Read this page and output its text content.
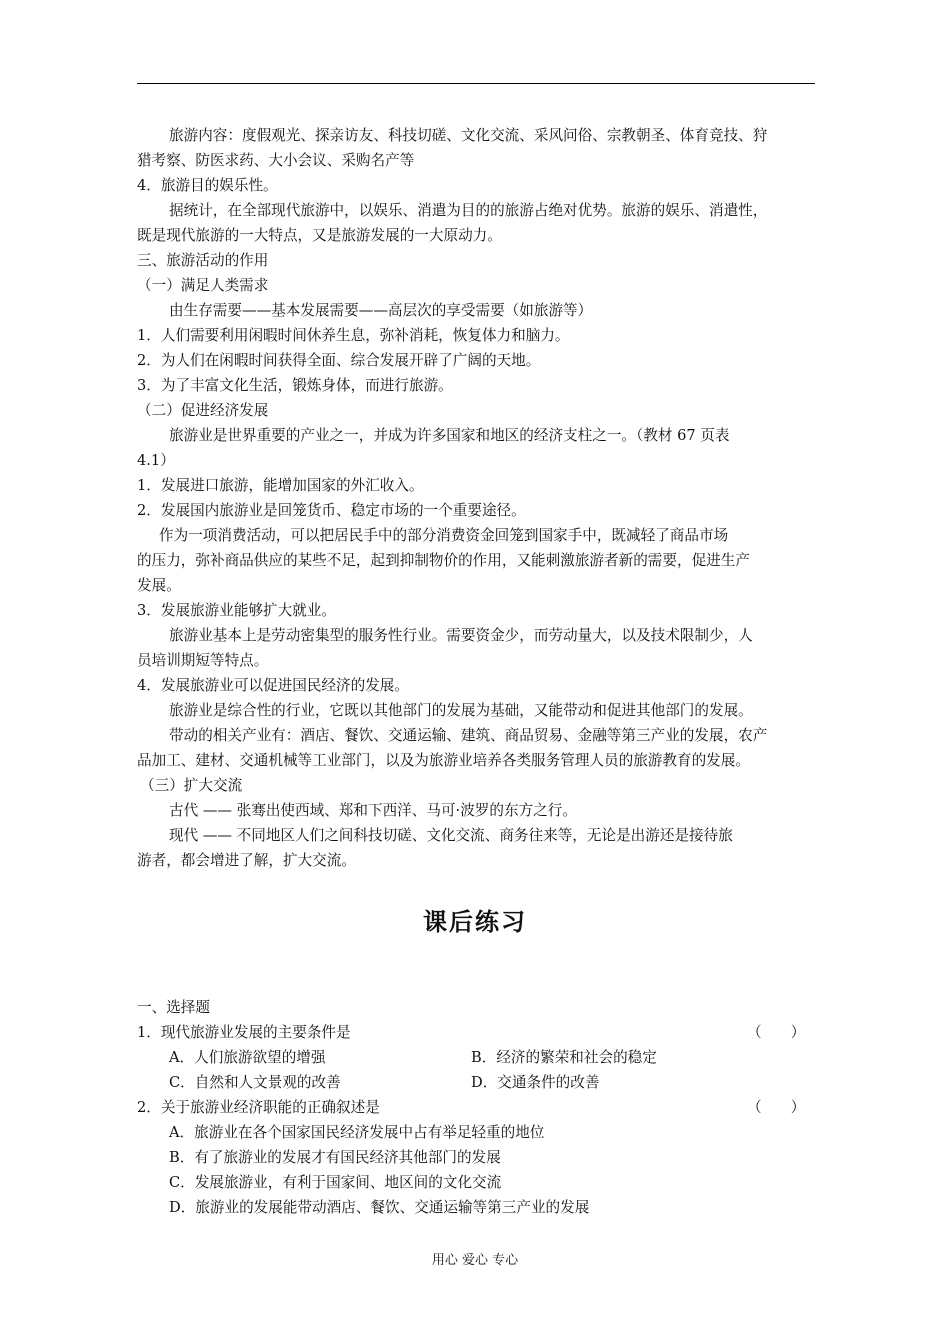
旅游内容：度假观光、探亲访友、科技切磋、文化交流、采风问俗、宗教朝圣、体育竞技、狩

猎考察、防医求药、大小会议、采购名产等

4．旅游目的娱乐性。

据统计，在全部现代旅游中，以娱乐、消遣为目的的旅游占绝对优势。旅游的娱乐、消遣性，

既是现代旅游的一大特点，又是旅游发展的一大原动力。

三、旅游活动的作用

（一）满足人类需求

由生存需要——基本发展需要——高层次的享受需要（如旅游等）

1．人们需要利用闲暇时间休养生息，弥补消耗，恢复体力和脑力。

2．为人们在闲暇时间获得全面、综合发展开辟了广阔的天地。

3．为了丰富文化生活，锻炼身体，而进行旅游。

（二）促进经济发展

旅游业是世界重要的产业之一，并成为许多国家和地区的经济支柱之一。（教材 67 页表

4.1）

1．发展进口旅游，能增加国家的外汇收入。

2．发展国内旅游业是回笼货币、稳定市场的一个重要途径。

作为一项消费活动，可以把居民手中的部分消费资金回笼到国家手中，既减轻了商品市场

的压力，弥补商品供应的某些不足，起到抑制物价的作用，又能刺激旅游者新的需要，促进生产

发展。

3．发展旅游业能够扩大就业。

旅游业基本上是劳动密集型的服务性行业。需要资金少，而劳动量大，以及技术限制少，人

员培训期短等特点。

4．发展旅游业可以促进国民经济的发展。

旅游业是综合性的行业，它既以其他部门的发展为基础，又能带动和促进其他部门的发展。

带动的相关产业有：酒店、餐饮、交通运输、建筑、商品贸易、金融等第三产业的发展，农产

品加工、建材、交通机械等工业部门，以及为旅游业培养各类服务管理人员的旅游教育的发展。

（三）扩大交流

古代 —— 张骞出使西域、郑和下西洋、马可·波罗的东方之行。

现代 —— 不同地区人们之间科技切磋、文化交流、商务往来等，无论是出游还是接待旅

游者，都会增进了解，扩大交流。

课后练习
一、选择题
1．现代旅游业发展的主要条件是	（　　）
A．人们旅游欲望的增强	B．经济的繁荣和社会的稳定
C．自然和人文景观的改善	D．交通条件的改善
2．关于旅游业经济职能的正确叙述是	（　　）
A．旅游业在各个国家国民经济发展中占有举足轻重的地位
B．有了旅游业的发展才有国民经济其他部门的发展
C．发展旅游业，有利于国家间、地区间的文化交流
D．旅游业的发展能带动酒店、餐饮、交通运输等第三产业的发展
用心 爱心 专心
